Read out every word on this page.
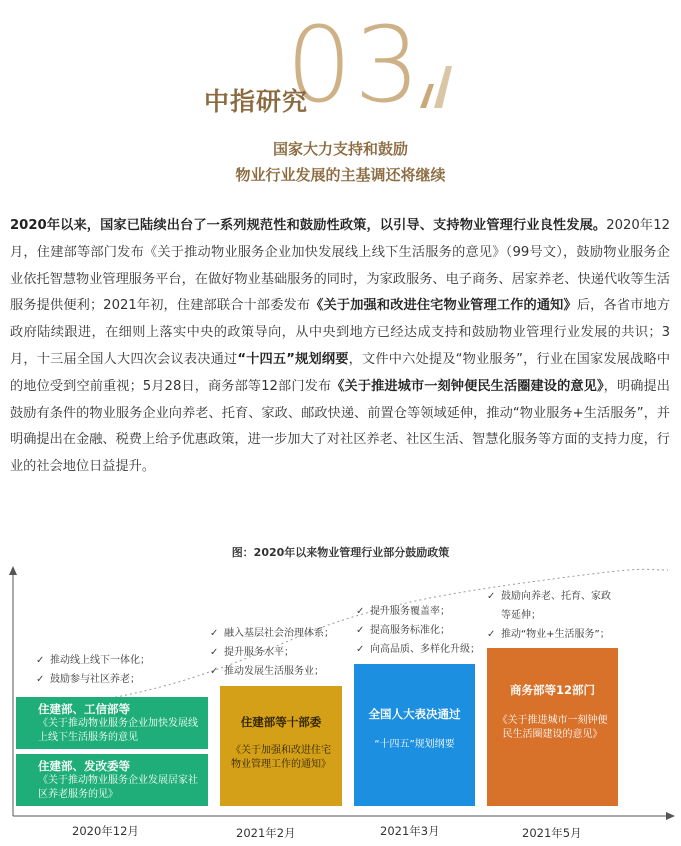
03
中指研究
国家大力支持和鼓励
物业行业发展的主基调还将继续
2020年以来，国家已陆续出台了一系列规范性和鼓励性政策，以引导、支持物业管理行业良性发展。2020年12月，住建部等部门发布《关于推动物业服务企业加快发展线上线下生活服务的意见》（99号文），鼓励物业服务企业依托智慧物业管理服务平台，在做好物业基础服务的同时，为家政服务、电子商务、居家养老、快递代收等生活服务提供便利；2021年初，住建部联合十部委发布《关于加强和改进住宅物业管理工作的通知》后，各省市地方政府陆续跟进，在细则上落实中央的政策导向，从中央到地方已经达成支持和鼓励物业管理行业发展的共识；3月，十三届全国人大四次会议表决通过“十四五”规划纲要，文件中六处提及“物业服务”，行业在国家发展战略中的地位受到空前重视；5月28日，商务部等12部门发布《关于推进城市一刻钟便民生活圈建设的意见》，明确提出鼓励有条件的物业服务企业向养老、托育、家政、邮政快递、前置仓等领域延伸，推动“物业服务+生活服务”，并明确提出在金融、税费上给予优惠政策，进一步加大了对社区养老、社区生活、智慧化服务等方面的支持力度，行业的社会地位日益提升。
图：2020年以来物业管理行业部分鼓励政策
✓ 推动线上线下一体化；
✓ 鼓励参与社区养老；
住建部、工信部等
《关于推动物业服务企业加快发展线上线下生活服务的意见
住建部、发改委等
《关于推动物业服务企业发展居家社区养老服务的见》
✓ 融入基层社会治理体系；
✓ 提升服务水平；
✓ 推动发展生活服务业；
住建部等十部委
《关于加强和改进住宅物业管理工作的通知》
✓ 提升服务覆盖率；
✓ 提高服务标准化；
✓ 向高品质、多样化升级；
全国人大表决通过
“十四五”规划纲要
✓ 鼓励向养老、托育、家政
等延伸；
✓ 推动“物业+生活服务”；
商务部等12部门
《关于推进城市一刻钟便民生活圈建设的意见》
2020年12月	2021年2月	2021年3月	2021年5月
